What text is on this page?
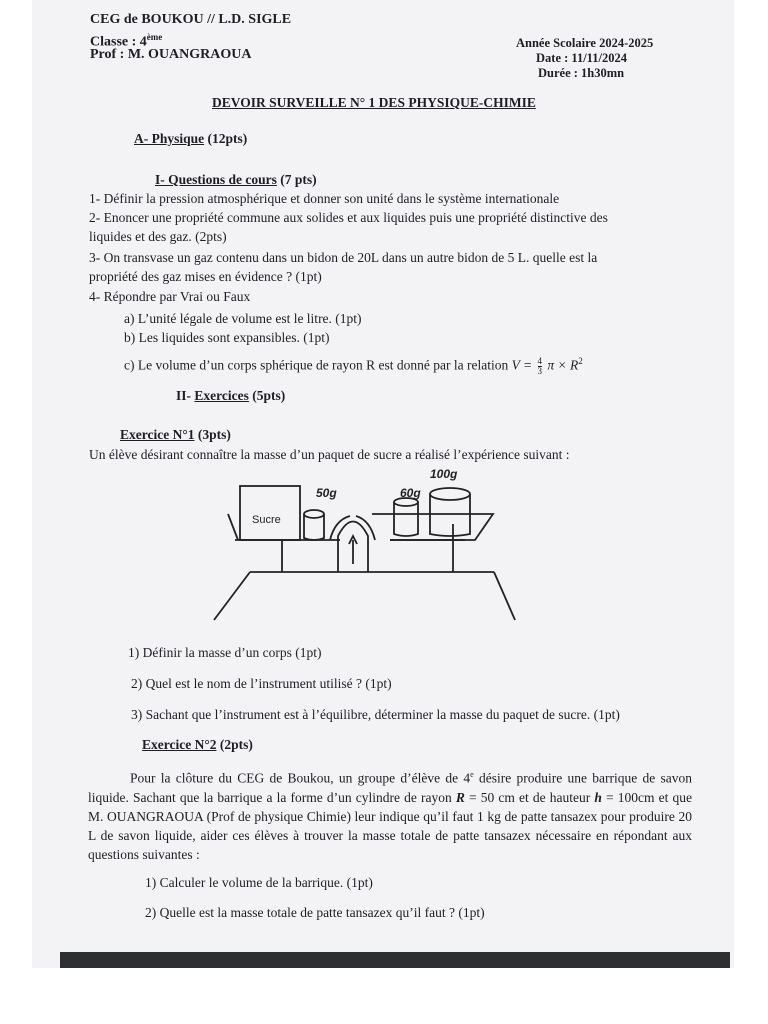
CEG de BOUKOU // L.D. SIGLE
Classe : 4ème
Prof : M. OUANGRAOUA
Année Scolaire 2024-2025
Date : 11/11/2024
Durée : 1h30mn
DEVOIR SURVEILLE N° 1 DES PHYSIQUE-CHIMIE
A- Physique (12pts)
I- Questions de cours (7 pts)
1- Définir la pression atmosphérique et donner son unité dans le système internationale
2- Enoncer une propriété commune aux solides et aux liquides puis une propriété distinctive des
liquides et des gaz. (2pts)
3- On transvase un gaz contenu dans un bidon de 20L dans un autre bidon de 5 L. quelle est la
propriété des gaz mises en évidence ? (1pt)
4- Répondre par Vrai ou Faux
a) L’unité légale de volume est le litre. (1pt)
b) Les liquides sont expansibles. (1pt)
c) Le volume d’un corps sphérique de rayon R est donné par la relation $V = \frac{4}{3}$ $\pi \times R^2$
II- Exercices (5pts)
Exercice N°1 (3pts)
Un élève désirant connaître la masse d’un paquet de sucre a réalisé l’expérience suivant :
Sucre
50g	60g
100g
1) Définir la masse d’un corps (1pt)
2) Quel est le nom de l’instrument utilisé ? (1pt)
3) Sachant que l’instrument est à l’équilibre, déterminer la masse du paquet de sucre. (1pt)
Exercice N°2 (2pts)
Pour la clôture du CEG de Boukou, un groupe d’élève de 4e désire produire une barrique de savon liquide. Sachant que la barrique a la forme d’un cylindre de rayon R = 50 cm et de hauteur h = 100cm et que M. OUANGRAOUA (Prof de physique Chimie) leur indique qu’il faut 1 kg de patte tansazex pour produire 20 L de savon liquide, aider ces élèves à trouver la masse totale de patte tansazex nécessaire en répondant aux questions suivantes :
1) Calculer le volume de la barrique. (1pt)
2) Quelle est la masse totale de patte tansazex qu’il faut ? (1pt)
